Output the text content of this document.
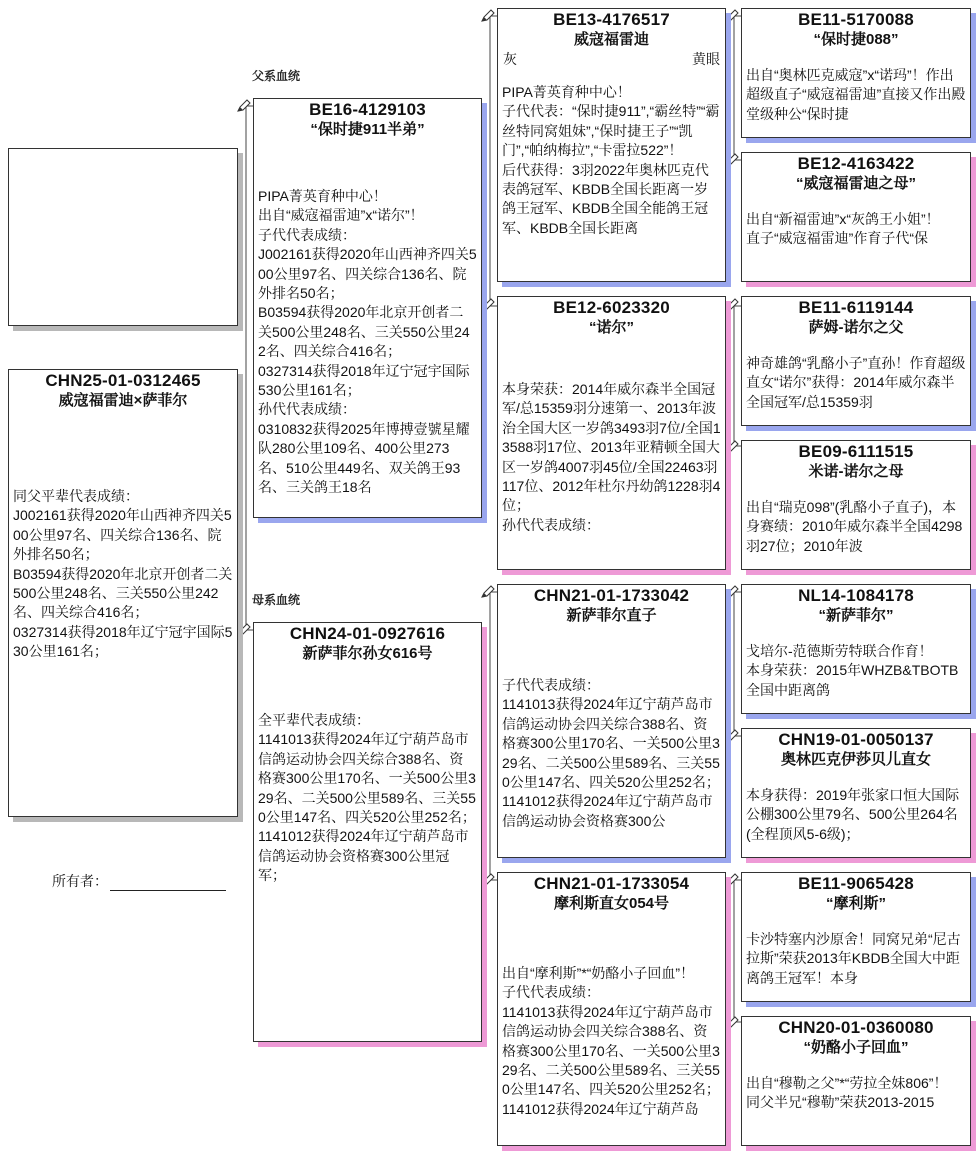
父系血统
母系血统
CHN25-01-0312465
威寇福雷迪×萨菲尔
同父平辈代表成绩：
J002161获得2020年山西神齐四关500公里97名、四关综合136名、院外排名50名；
B03594获得2020年北京开创者二关500公里248名、三关550公里242名、四关综合416名；
0327314获得2018年辽宁冠宇国际530公里161名；
所有者：
BE16-4129103
“保时捷911半弟”
PIPA菁英育种中心！
出自“威寇福雷迪”x“诺尔”！
子代代表成绩：
J002161获得2020年山西神齐四关500公里97名、四关综合136名、院外排名50名；
B03594获得2020年北京开创者二关500公里248名、三关550公里242名、四关综合416名；
0327314获得2018年辽宁冠宇国际530公里161名；
孙代代表成绩：
0310832获得2025年博搏壹號星耀队280公里109名、400公里273名、510公里449名、双关鸽王93名、三关鸽王18名
CHN24-01-0927616
新萨菲尔孙女616号
全平辈代表成绩：
1141013获得2024年辽宁葫芦岛市信鸽运动协会四关综合388名、资格赛300公里170名、一关500公里329名、二关500公里589名、三关550公里147名、四关520公里252名；
1141012获得2024年辽宁葫芦岛市信鸽运动协会资格赛300公里冠军；
BE13-4176517
威寇福雷迪
灰	黄眼
PIPA菁英育种中心！
子代代表：“保时捷911”,“霸丝特”“霸丝特同窝姐妹”,“保时捷王子”“凯门”,“帕纳梅拉”,“卡雷拉522”！
后代获得：3羽2022年奥林匹克代表鸽冠军、KBDB全国长距离一岁鸽王冠军、KBDB全国全能鸽王冠军、KBDB全国长距离
BE12-6023320
“诺尔”
本身荣获：2014年威尔森半全国冠军/总15359羽分速第一、2013年波治全国大区一岁鸽3493羽7位/全国13588羽17位、2013年亚精顿全国大区一岁鸽4007羽45位/全国22463羽117位、2012年杜尔丹幼鸽1228羽4位；
孙代代表成绩：
CHN21-01-1733042
新萨菲尔直子
子代代表成绩：
1141013获得2024年辽宁葫芦岛市信鸽运动协会四关综合388名、资格赛300公里170名、一关500公里329名、二关500公里589名、三关550公里147名、四关520公里252名；
1141012获得2024年辽宁葫芦岛市信鸽运动协会资格赛300公
CHN21-01-1733054
摩利斯直女054号
出自“摩利斯”*“奶酪小子回血”！
子代代表成绩：
1141013获得2024年辽宁葫芦岛市信鸽运动协会四关综合388名、资格赛300公里170名、一关500公里329名、二关500公里589名、三关550公里147名、四关520公里252名；
1141012获得2024年辽宁葫芦岛
BE11-5170088
“保时捷088”
出自“奥林匹克威寇”x“诺玛”！作出超级直子“威寇福雷迪”直接又作出殿堂级种公“保时捷
BE12-4163422
“威寇福雷迪之母”
出自“新福雷迪”x“灰鸽王小姐”！
直子“威寇福雷迪”作育子代“保
BE11-6119144
萨姆-诺尔之父
神奇雄鸽“乳酪小子”直孙！作育超级直女“诺尔”获得：2014年威尔森半全国冠军/总15359羽
BE09-6111515
米诺-诺尔之母
出自“瑞克098”(乳酪小子直子)，本身赛绩：2010年威尔森半全国4298羽27位；2010年波
NL14-1084178
“新萨菲尔”
戈培尔-范德斯劳特联合作育！
本身荣获：2015年WHZB&TBOTB全国中距离鸽
CHN19-01-0050137
奥林匹克伊莎贝儿直女
本身获得：2019年张家口恒大国际公棚300公里79名、500公里264名(全程顶风5-6级)；
BE11-9065428
“摩利斯”
卡沙特塞内沙原舍！同窝兄弟“尼古拉斯”荣获2013年KBDB全国大中距离鸽王冠军！本身
CHN20-01-0360080
“奶酪小子回血”
出自“穆勒之父”*“劳拉全妹806”！
同父半兄“穆勒”荣获2013-2015
